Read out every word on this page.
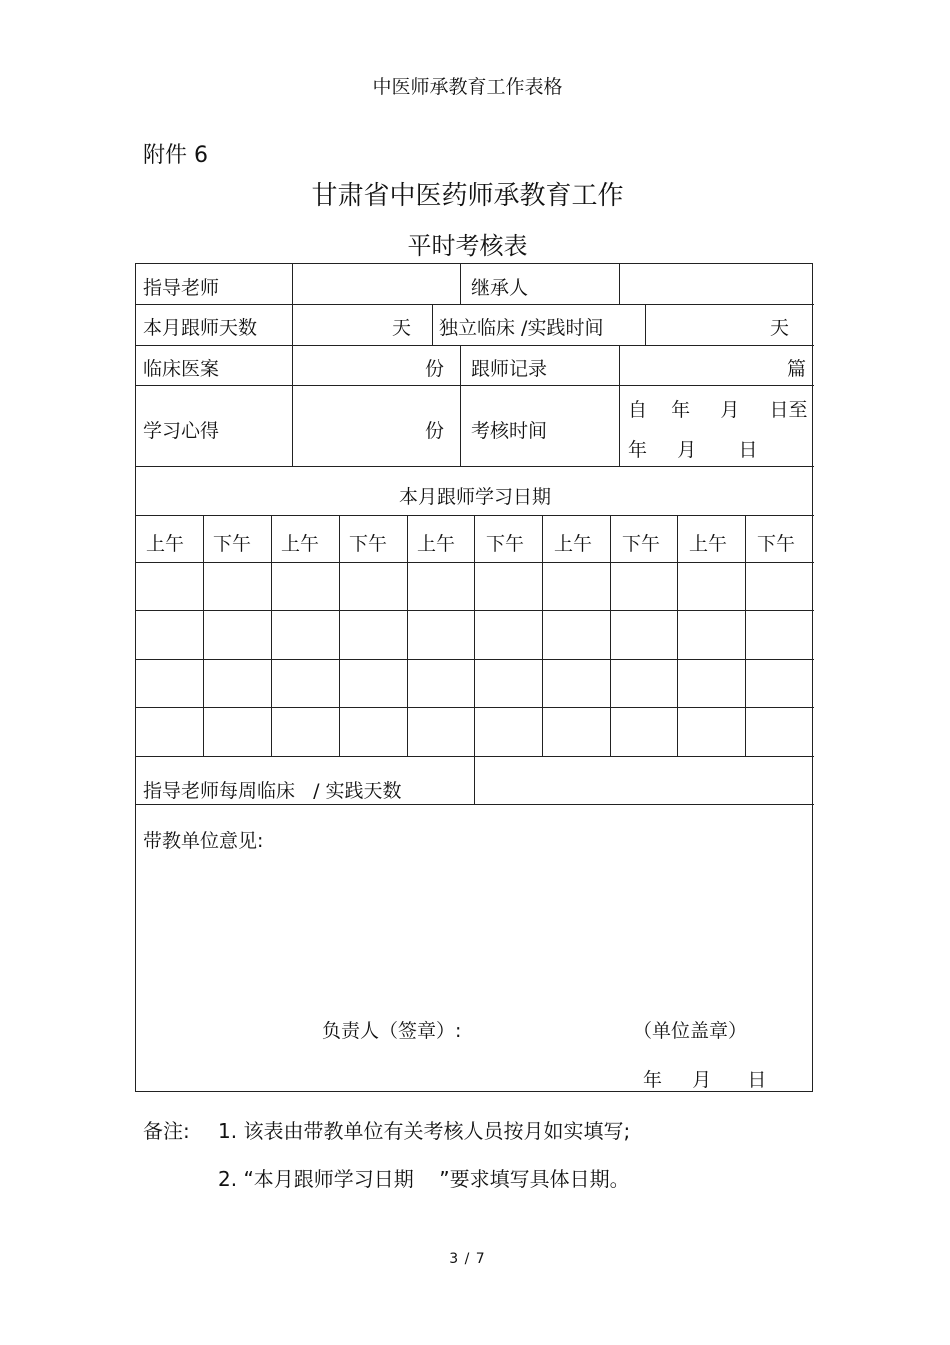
中医师承教育工作表格
附件 6
甘肃省中医药师承教育工作
平时考核表
指导老师	继承人
本月跟师天数	天 独立临床 /实践时间	天
临床医案	份 跟师记录	篇
学习心得	份 考核时间
自    年     月     日至
年     月       日
本月跟师学习日期
上午	下午	上午	下午	上午	下午	上午	下午	上午	下午
指导老师每周临床   / 实践天数
带教单位意见:
负责人（签章）:	（单位盖章）
年     月      日
备注: 1. 该表由带教单位有关考核人员按月如实填写;
2. “本月跟师学习日期    ”要求填写具体日期。
3 / 7
